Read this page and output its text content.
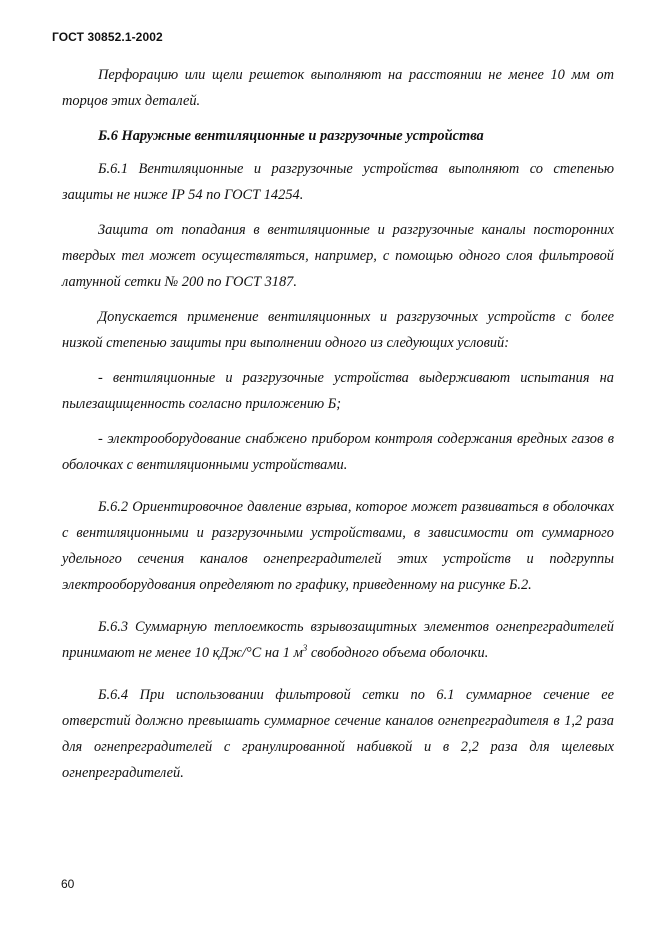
ГОСТ 30852.1-2002

Перфорацию или щели решеток выполняют на расстоянии не менее 10 мм от торцов этих деталей.

Б.6 Наружные вентиляционные и разгрузочные устройства

Б.6.1 Вентиляционные и разгрузочные устройства выполняют со степенью защиты не ниже IP 54 по ГОСТ 14254.

Защита от попадания в вентиляционные и разгрузочные каналы посторонних твердых тел может осуществляться, например, с помощью одного слоя фильтровой латунной сетки № 200 по ГОСТ 3187.

Допускается применение вентиляционных и разгрузочных устройств с более низкой степенью защиты при выполнении одного из следующих условий:

- вентиляционные и разгрузочные устройства выдерживают испытания на пылезащищенность согласно приложению Б;

- электрооборудование снабжено прибором контроля содержания вредных газов в оболочках с вентиляционными устройствами.

Б.6.2 Ориентировочное давление взрыва, которое может развиваться в оболочках с вентиляционными и разгрузочными устройствами, в зависимости от суммарного удельного сечения каналов огнепреградителей этих устройств и подгруппы электрооборудования определяют по графику, приведенному на рисунке Б.2.

Б.6.3 Суммарную теплоемкость взрывозащитных элементов огнепреградителей принимают не менее 10 кДж/°С на 1 $м^3$ свободного объема оболочки.

Б.6.4 При использовании фильтровой сетки по 6.1 суммарное сечение ее отверстий должно превышать суммарное сечение каналов огнепреградителя в 1,2 раза для огнепреградителей с гранулированной набивкой и в 2,2 раза для щелевых огнепреградителей.

60
